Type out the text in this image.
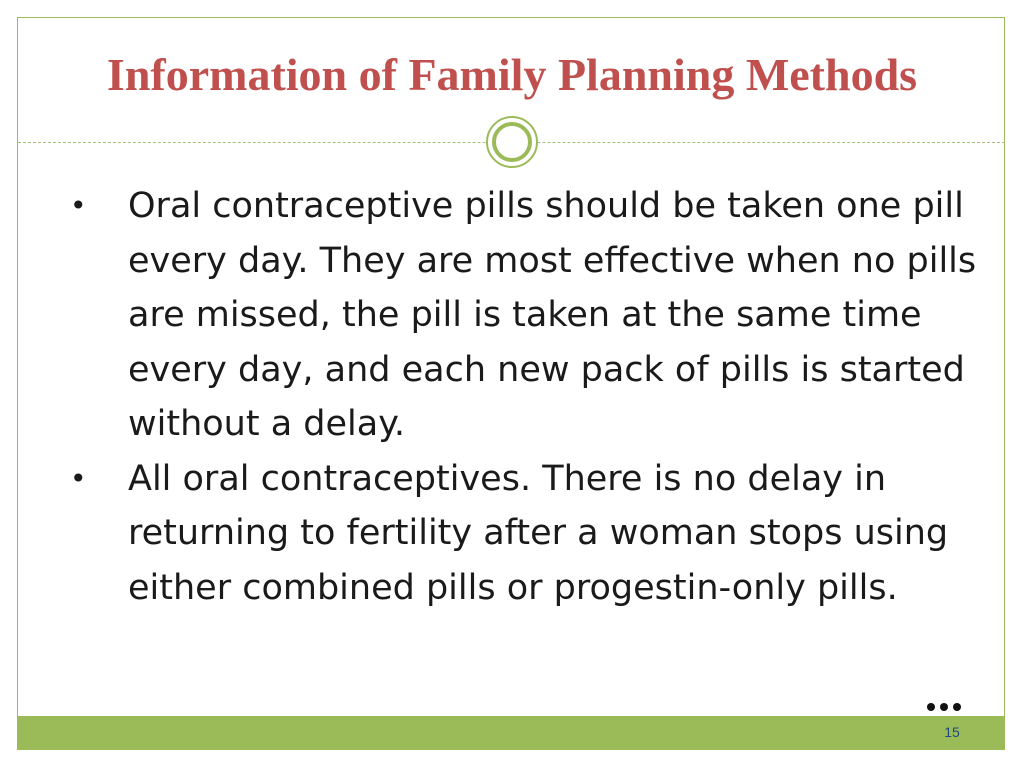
Information of Family Planning Methods
• Oral contraceptive pills should be taken one pill every day. They are most effective when no pills are missed, the pill is taken at the same time every day, and each new pack of pills is started without a delay.
• All oral contraceptives. There is no delay in returning to fertility after a woman stops using either combined pills or progestin-only pills.
15
